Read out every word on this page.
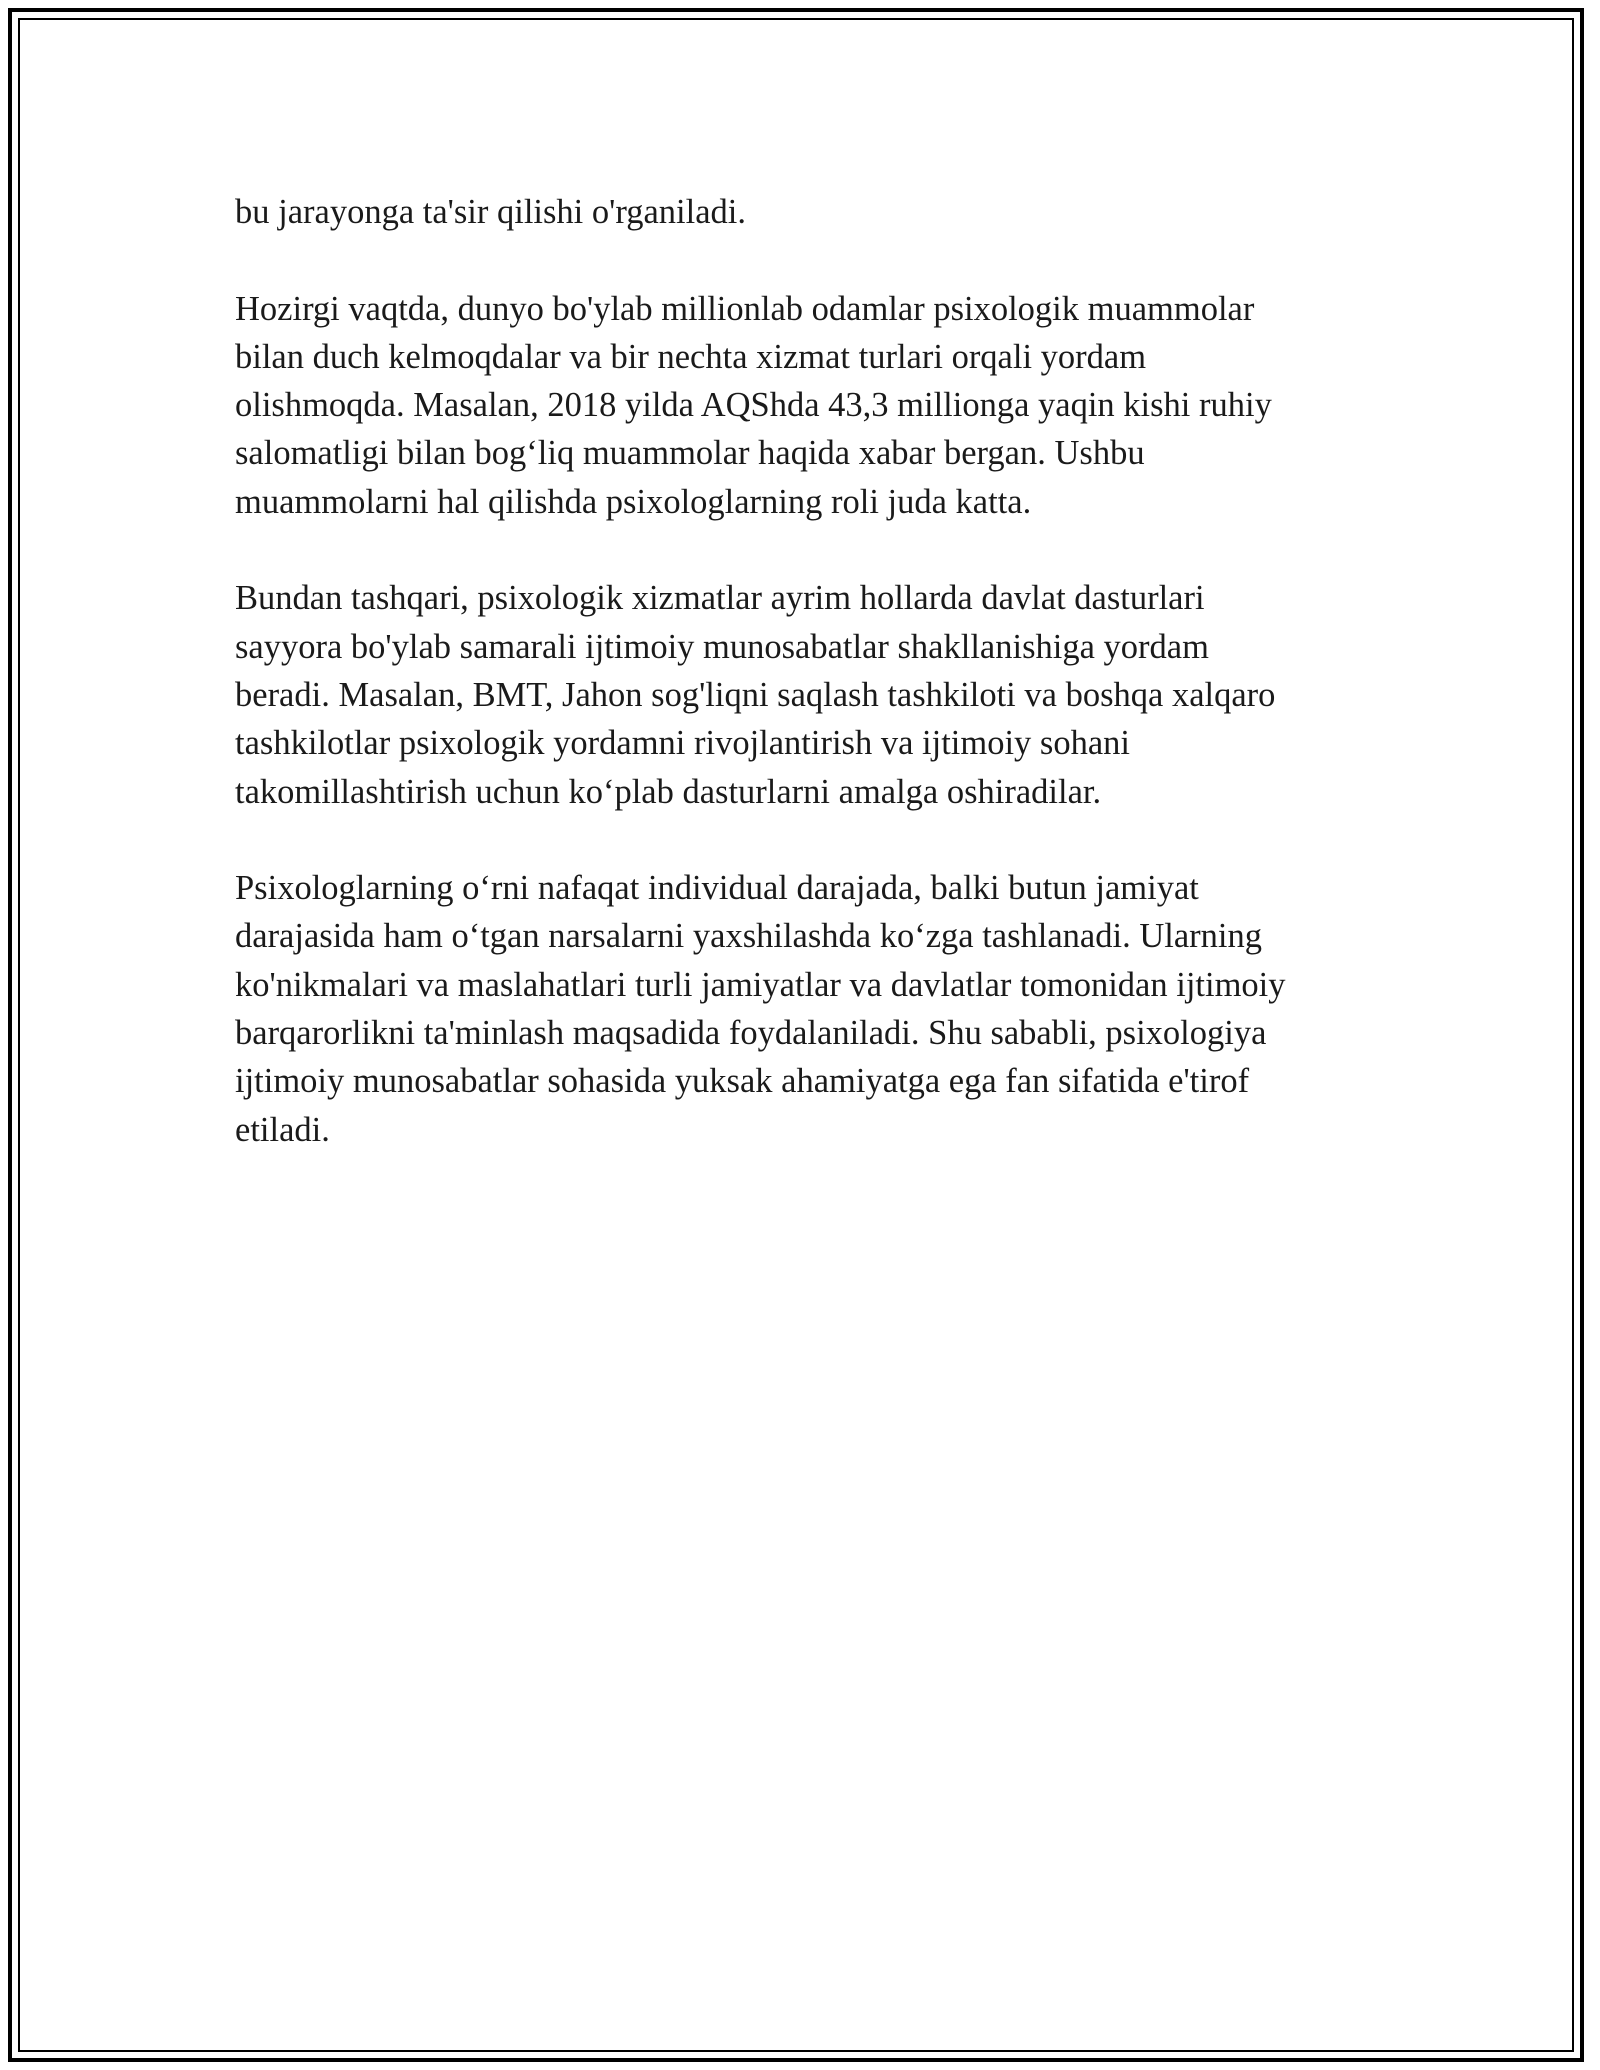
bu jarayonga ta'sir qilishi o'rganiladi.

Hozirgi vaqtda, dunyo bo'ylab millionlab odamlar psixologik muammolar
bilan duch kelmoqdalar va bir nechta xizmat turlari orqali yordam
olishmoqda. Masalan, 2018 yilda AQShda 43,3 millionga yaqin kishi ruhiy
salomatligi bilan bog‘liq muammolar haqida xabar bergan. Ushbu
muammolarni hal qilishda psixologlarning roli juda katta.

Bundan tashqari, psixologik xizmatlar ayrim hollarda davlat dasturlari
sayyora bo'ylab samarali ijtimoiy munosabatlar shakllanishiga yordam
beradi. Masalan, BMT, Jahon sog'liqni saqlash tashkiloti va boshqa xalqaro
tashkilotlar psixologik yordamni rivojlantirish va ijtimoiy sohani
takomillashtirish uchun ko‘plab dasturlarni amalga oshiradilar.

Psixologlarning o‘rni nafaqat individual darajada, balki butun jamiyat
darajasida ham o‘tgan narsalarni yaxshilashda ko‘zga tashlanadi. Ularning
ko'nikmalari va maslahatlari turli jamiyatlar va davlatlar tomonidan ijtimoiy
barqarorlikni ta'minlash maqsadida foydalaniladi. Shu sababli, psixologiya
ijtimoiy munosabatlar sohasida yuksak ahamiyatga ega fan sifatida e'tirof
etiladi.
